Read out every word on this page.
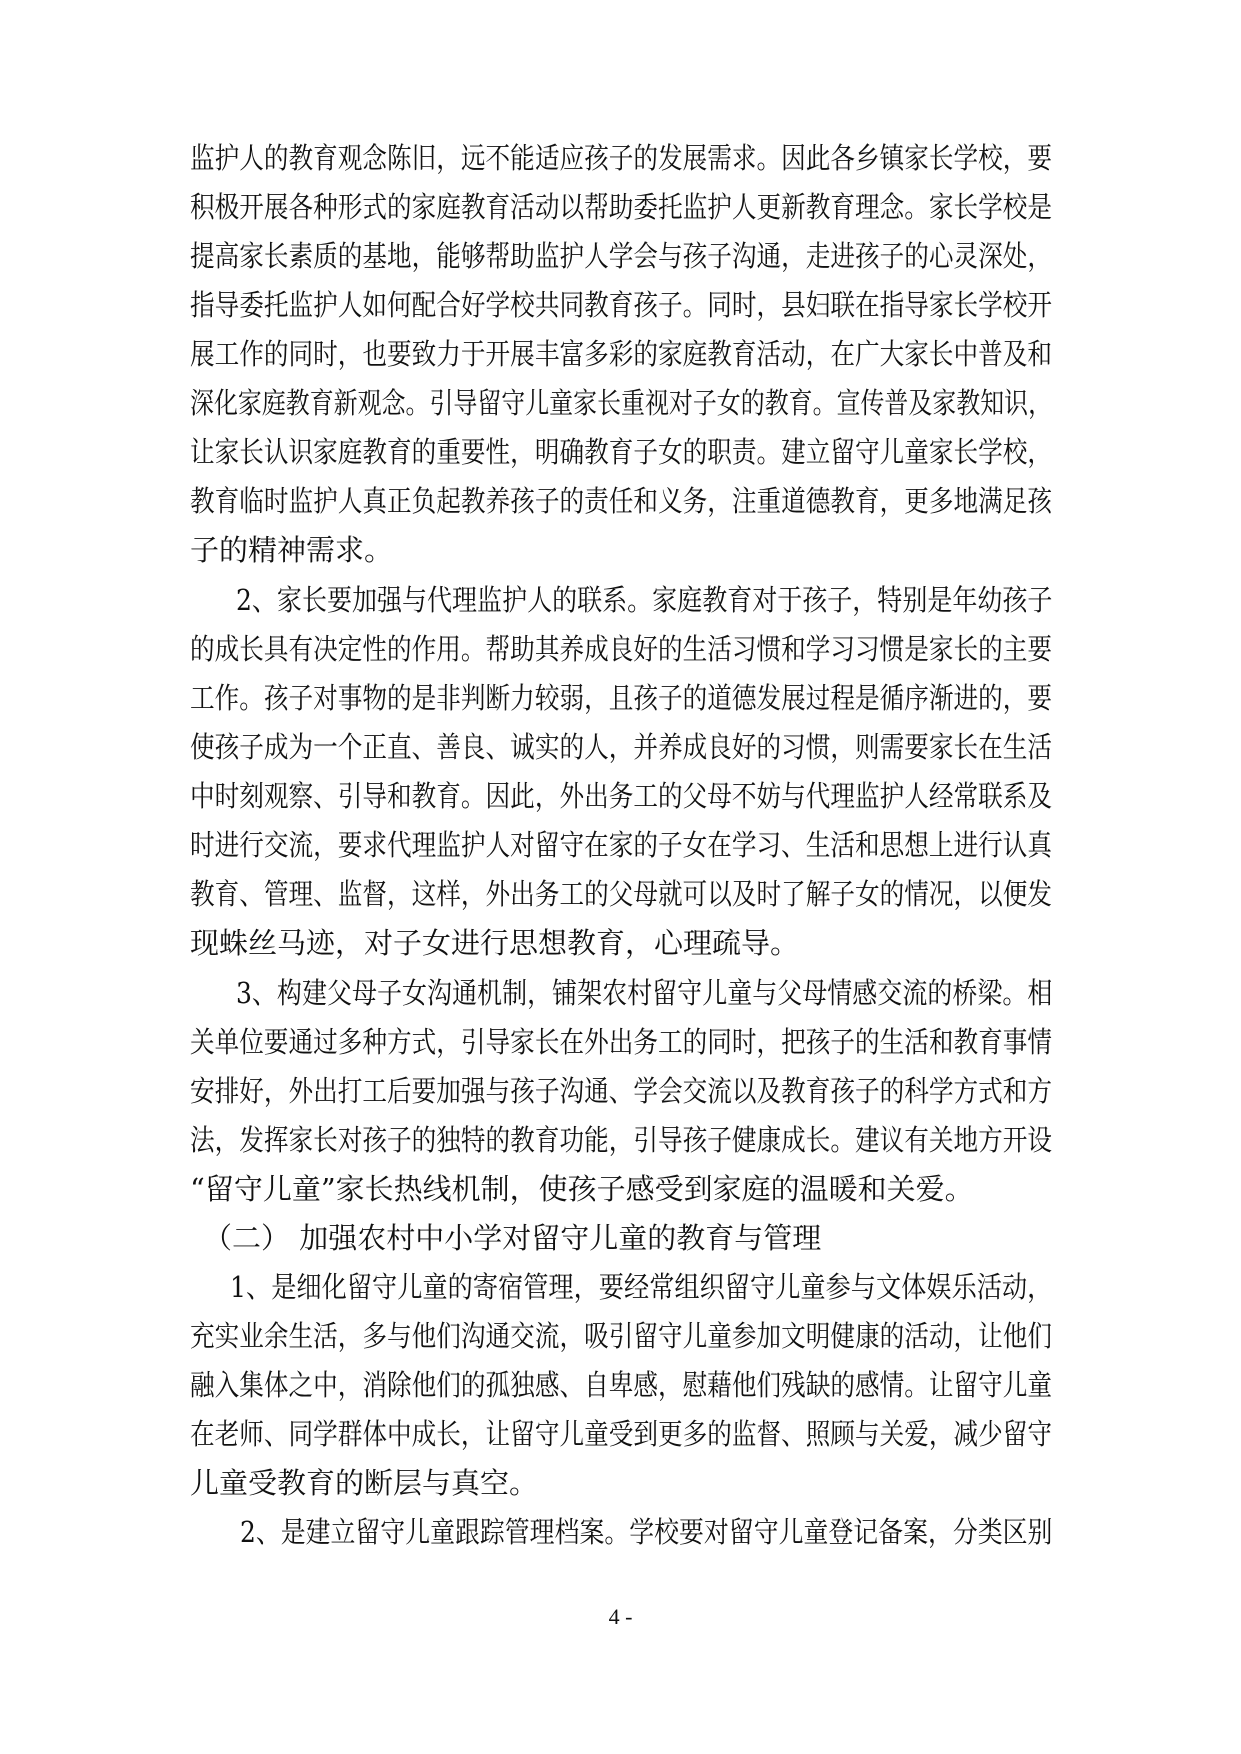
监护人的教育观念陈旧，远不能适应孩子的发展需求。因此各乡镇家长学校，要
积极开展各种形式的家庭教育活动以帮助委托监护人更新教育理念。家长学校是
提高家长素质的基地，能够帮助监护人学会与孩子沟通，走进孩子的心灵深处，
指导委托监护人如何配合好学校共同教育孩子。同时，县妇联在指导家长学校开
展工作的同时，也要致力于开展丰富多彩的家庭教育活动，在广大家长中普及和
深化家庭教育新观念。引导留守儿童家长重视对子女的教育。宣传普及家教知识，
让家长认识家庭教育的重要性，明确教育子女的职责。建立留守儿童家长学校，
教育临时监护人真正负起教养孩子的责任和义务，注重道德教育，更多地满足孩
子的精神需求。
2、家长要加强与代理监护人的联系。家庭教育对于孩子，特别是年幼孩子
的成长具有决定性的作用。帮助其养成良好的生活习惯和学习习惯是家长的主要
工作。孩子对事物的是非判断力较弱，且孩子的道德发展过程是循序渐进的，要
使孩子成为一个正直、善良、诚实的人，并养成良好的习惯，则需要家长在生活
中时刻观察、引导和教育。因此，外出务工的父母不妨与代理监护人经常联系及
时进行交流，要求代理监护人对留守在家的子女在学习、生活和思想上进行认真
教育、管理、监督，这样，外出务工的父母就可以及时了解子女的情况，以便发
现蛛丝马迹，对子女进行思想教育，心理疏导。
3、构建父母子女沟通机制，铺架农村留守儿童与父母情感交流的桥梁。相
关单位要通过多种方式，引导家长在外出务工的同时，把孩子的生活和教育事情
安排好，外出打工后要加强与孩子沟通、学会交流以及教育孩子的科学方式和方
法，发挥家长对孩子的独特的教育功能，引导孩子健康成长。建议有关地方开设
“留守儿童”家长热线机制，使孩子感受到家庭的温暖和关爱。
（二） 加强农村中小学对留守儿童的教育与管理
1、是细化留守儿童的寄宿管理，要经常组织留守儿童参与文体娱乐活动，
充实业余生活，多与他们沟通交流，吸引留守儿童参加文明健康的活动，让他们
融入集体之中，消除他们的孤独感、自卑感，慰藉他们残缺的感情。让留守儿童
在老师、同学群体中成长，让留守儿童受到更多的监督、照顾与关爱，减少留守
儿童受教育的断层与真空。
2、是建立留守儿童跟踪管理档案。学校要对留守儿童登记备案，分类区别
4 -
